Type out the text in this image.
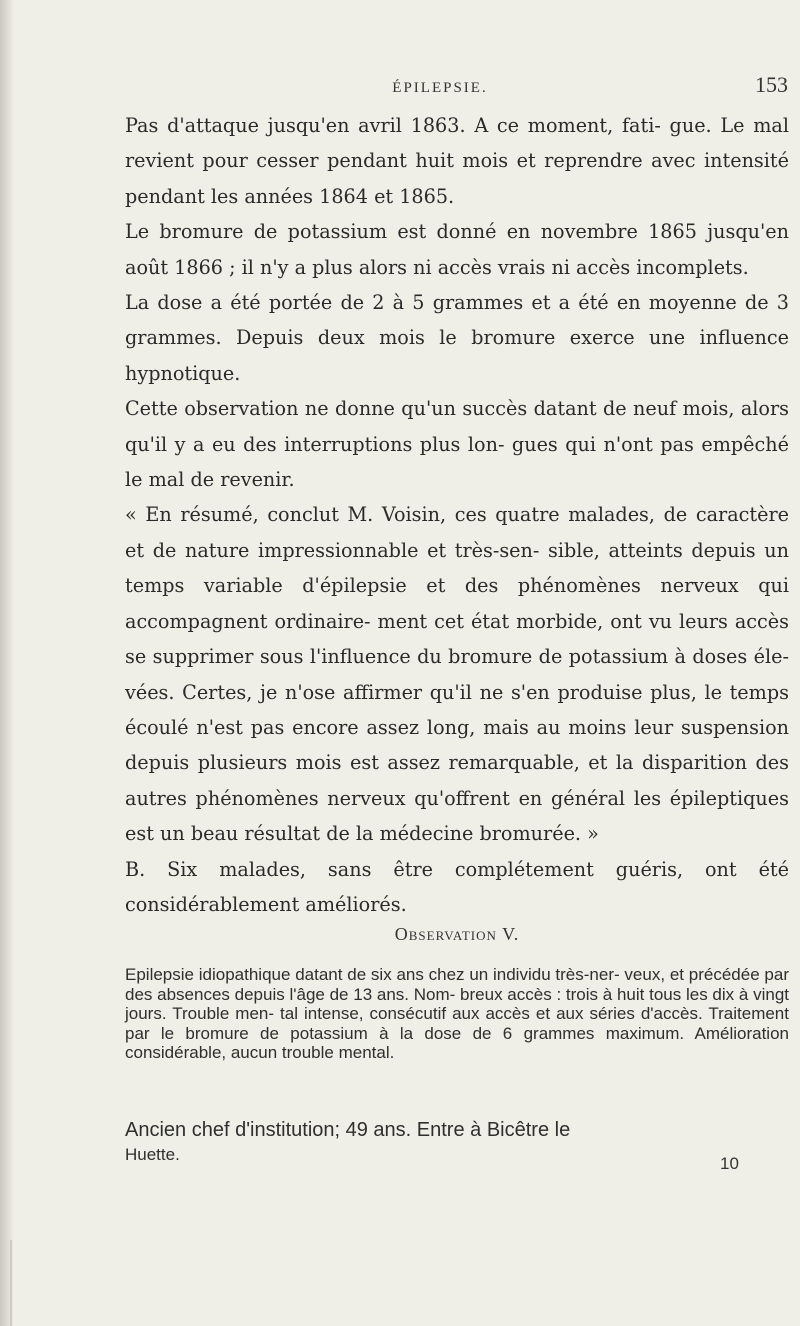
ÉPILEPSIE.	153

Pas d'attaque jusqu'en avril 1863. A ce moment, fati- gue. Le mal revient pour cesser pendant huit mois et reprendre avec intensité pendant les années 1864 et 1865.

Le bromure de potassium est donné en novembre 1865 jusqu'en août 1866 ; il n'y a plus alors ni accès vrais ni accès incomplets.

La dose a été portée de 2 à 5 grammes et a été en moyenne de 3 grammes. Depuis deux mois le bromure exerce une influence hypnotique.

Cette observation ne donne qu'un succès datant de neuf mois, alors qu'il y a eu des interruptions plus lon- gues qui n'ont pas empêché le mal de revenir.

« En résumé, conclut M. Voisin, ces quatre malades, de caractère et de nature impressionnable et très-sen- sible, atteints depuis un temps variable d'épilepsie et des phénomènes nerveux qui accompagnent ordinaire- ment cet état morbide, ont vu leurs accès se supprimer sous l'influence du bromure de potassium à doses éle- vées. Certes, je n'ose affirmer qu'il ne s'en produise plus, le temps écoulé n'est pas encore assez long, mais au moins leur suspension depuis plusieurs mois est assez remarquable, et la disparition des autres phénomènes nerveux qu'offrent en général les épileptiques est un beau résultat de la médecine bromurée. »

B. Six malades, sans être complétement guéris, ont été considérablement améliorés.

Observation V.
Epilepsie idiopathique datant de six ans chez un individu très-ner- veux, et précédée par des absences depuis l'âge de 13 ans. Nom- breux accès : trois à huit tous les dix à vingt jours. Trouble men- tal intense, consécutif aux accès et aux séries d'accès. Traitement par le bromure de potassium à la dose de 6 grammes maximum. Amélioration considérable, aucun trouble mental.
Ancien chef d'institution; 49 ans. Entre à Bicêtre le
Huette.	10
